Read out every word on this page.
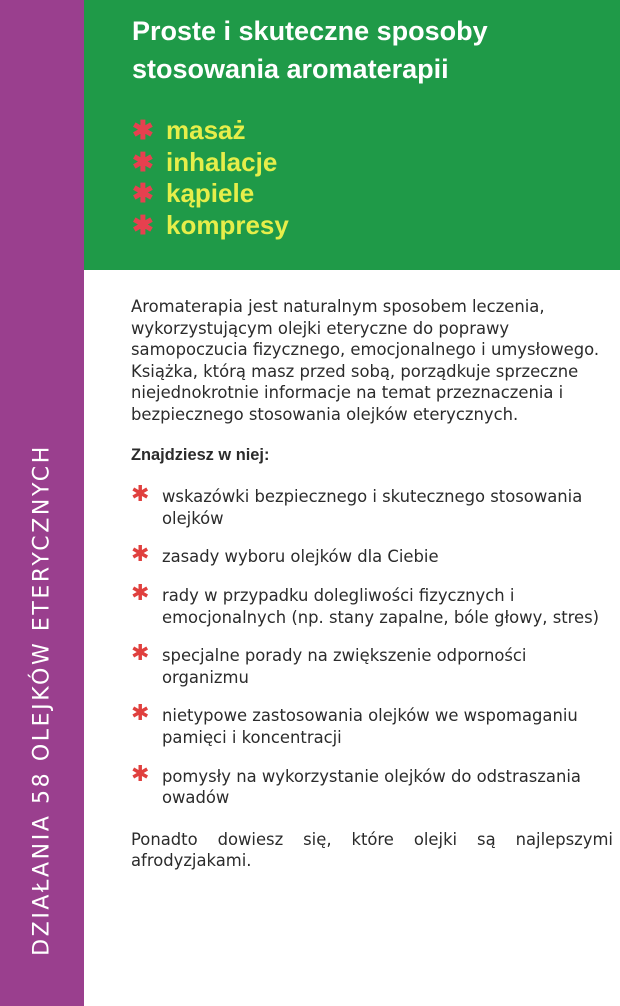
DZIAŁANIA 58 OLEJKÓW ETERYCZNYCH
Proste i skuteczne sposoby
stosowania aromaterapii
✱ masaż
✱ inhalacje
✱ kąpiele
✱ kompresy

Aromaterapia jest naturalnym sposobem leczenia, wykorzystującym olejki eteryczne do poprawy samopoczucia fizycznego, emocjonalnego i umysłowego.

Książka, którą masz przed sobą, porządkuje sprzeczne niejednokrotnie informacje na temat przeznaczenia i bezpiecznego stosowania olejków eterycznych.

Znajdziesz w niej:
✱ wskazówki bezpiecznego i skutecznego stosowania olejków
✱ zasady wyboru olejków dla Ciebie
✱ rady w przypadku dolegliwości fizycznych i emocjonalnych (np. stany zapalne, bóle głowy, stres)
✱ specjalne porady na zwiększenie odporności organizmu
✱ nietypowe zastosowania olejków we wspomaganiu pamięci i koncentracji
✱ pomysły na wykorzystanie olejków do odstraszania owadów

Ponadto dowiesz się, które olejki są najlepszymi afrodyzjakami.
